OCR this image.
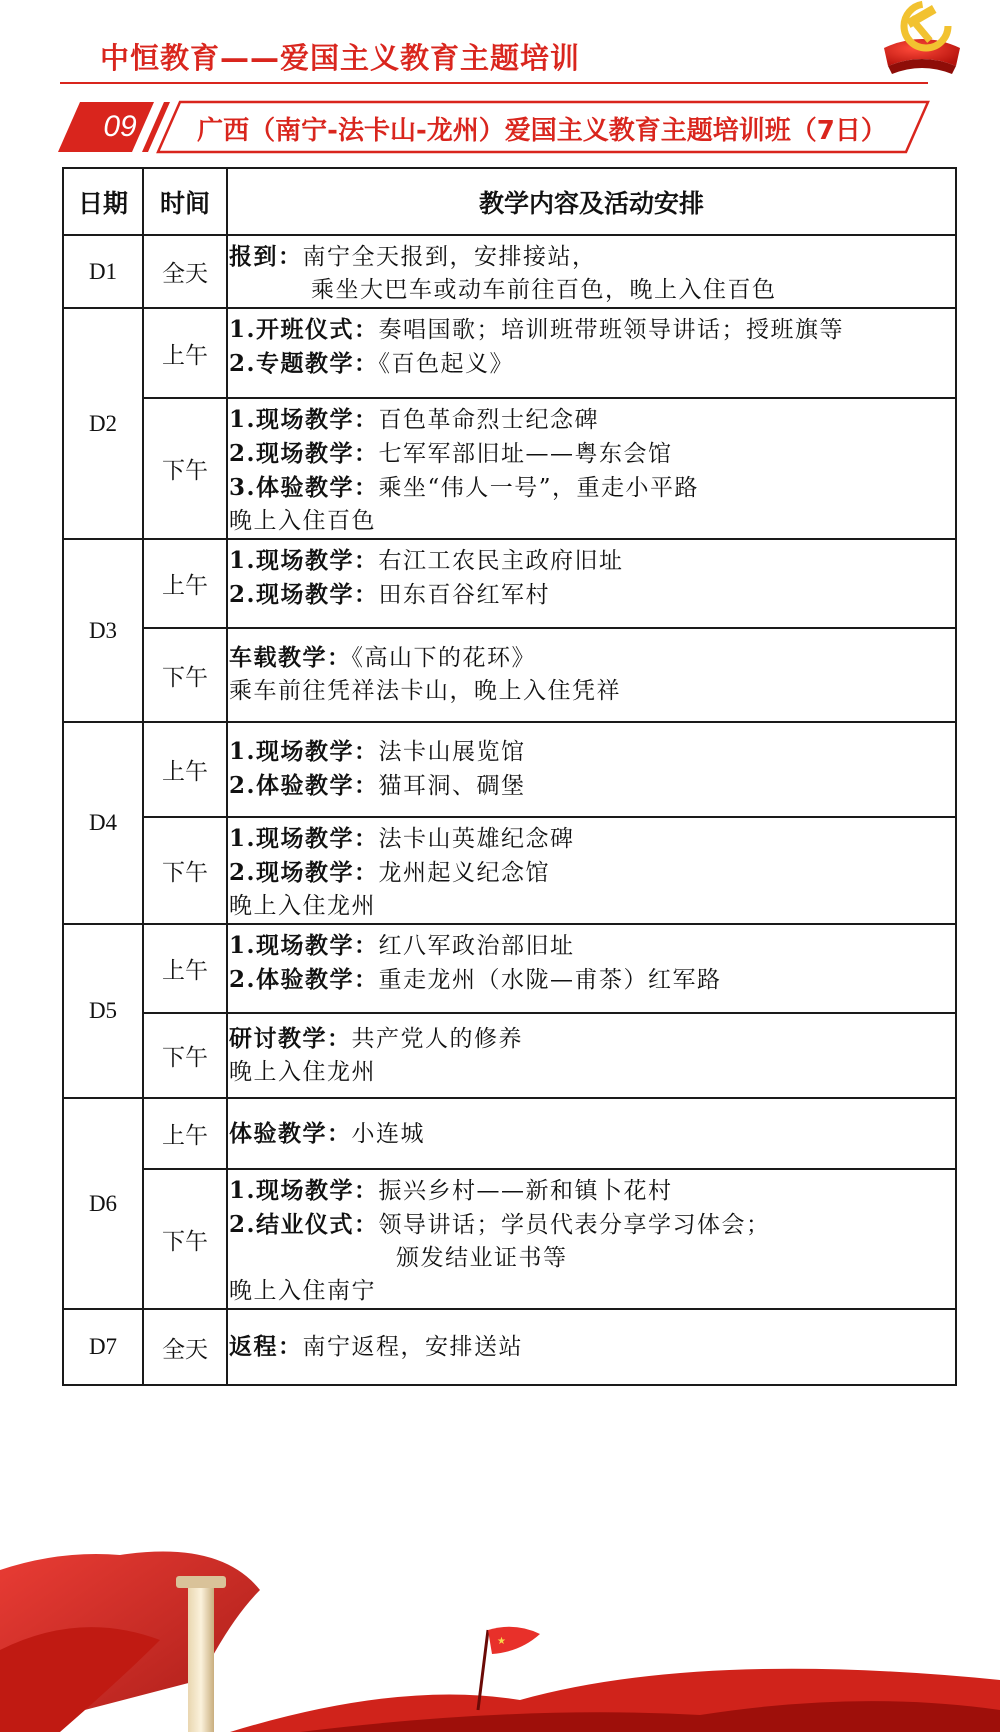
中恒教育——爱国主义教育主题培训
09	广西（南宁-法卡山-龙州）爱国主义教育主题培训班（7日）
日期	时间	教学内容及活动安排
D1	全天	报到：南宁全天报到，安排接站，
乘坐大巴车或动车前往百色，晚上入住百色

D2	上午	1.开班仪式：奏唱国歌；培训班带班领导讲话；授班旗等
2.专题教学：《百色起义》

	下午	1.现场教学：百色革命烈士纪念碑
2.现场教学：七军军部旧址——粤东会馆
3.体验教学：乘坐“伟人一号”，重走小平路
晚上入住百色

D3	上午	1.现场教学：右江工农民主政府旧址
2.现场教学：田东百谷红军村

	下午	车载教学：《高山下的花环》
乘车前往凭祥法卡山，晚上入住凭祥

D4	上午	1.现场教学：法卡山展览馆
2.体验教学：猫耳洞、碉堡

	下午	1.现场教学：法卡山英雄纪念碑
2.现场教学：龙州起义纪念馆
晚上入住龙州

D5	上午	1.现场教学：红八军政治部旧址
2.体验教学：重走龙州（水陇—甫茶）红军路

	下午	研讨教学：共产党人的修养
晚上入住龙州

D6	上午	体验教学：小连城

	下午	1.现场教学：振兴乡村——新和镇卜花村
2.结业仪式：领导讲话；学员代表分享学习体会；
颁发结业证书等
晚上入住南宁

D7	全天	返程：南宁返程，安排送站
★
